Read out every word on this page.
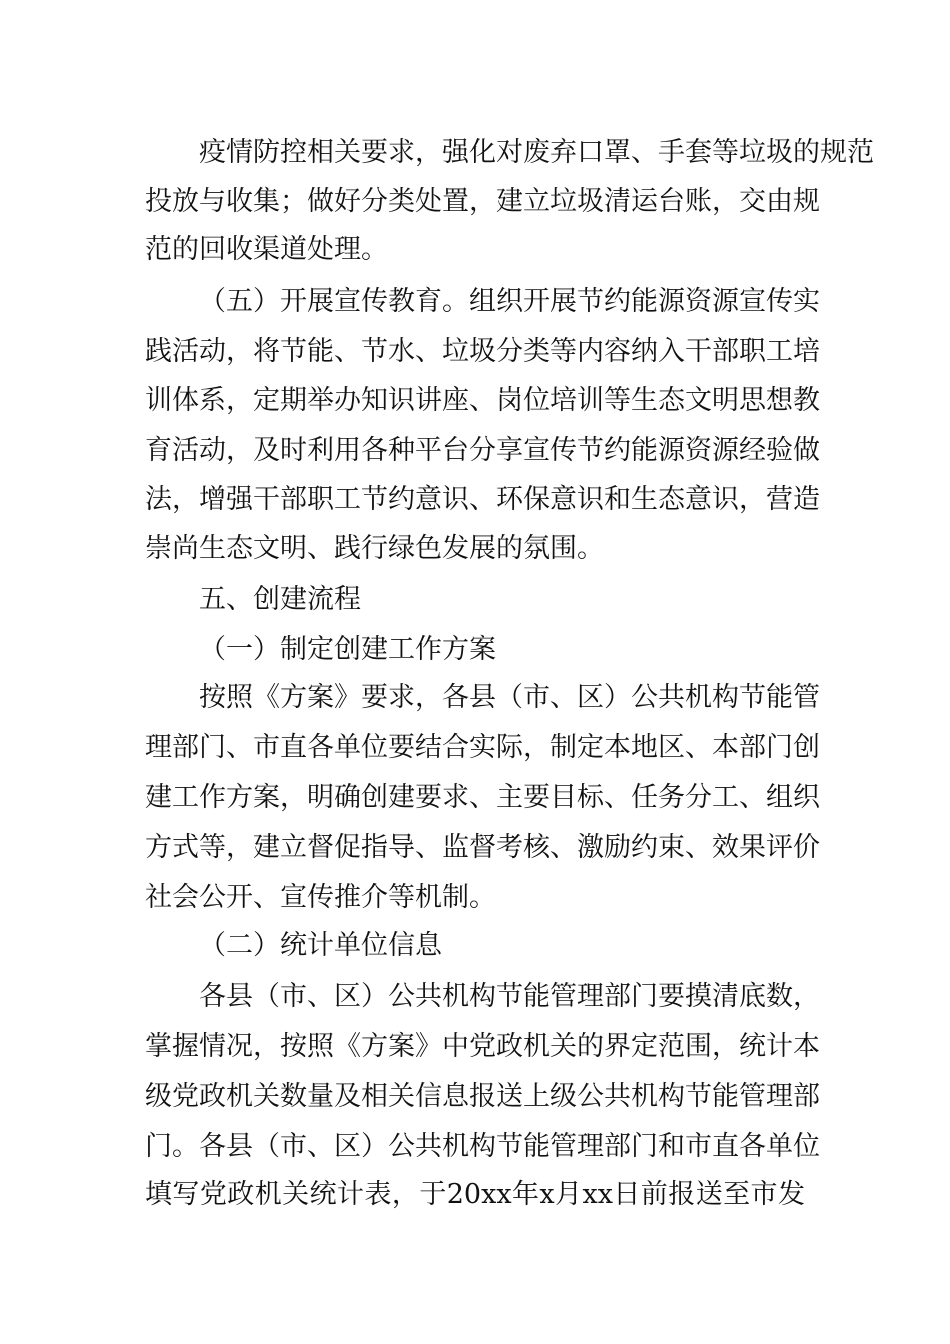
疫情防控相关要求，强化对废弃口罩、手套等垃圾的规范
投放与收集；做好分类处置，建立垃圾清运台账，交由规
范的回收渠道处理。
（五）开展宣传教育。组织开展节约能源资源宣传实
践活动，将节能、节水、垃圾分类等内容纳入干部职工培
训体系，定期举办知识讲座、岗位培训等生态文明思想教
育活动，及时利用各种平台分享宣传节约能源资源经验做
法，增强干部职工节约意识、环保意识和生态意识，营造
崇尚生态文明、践行绿色发展的氛围。
五、创建流程
（一）制定创建工作方案
按照《方案》要求，各县（市、区）公共机构节能管
理部门、市直各单位要结合实际，制定本地区、本部门创
建工作方案，明确创建要求、主要目标、任务分工、组织
方式等，建立督促指导、监督考核、激励约束、效果评价
社会公开、宣传推介等机制。
（二）统计单位信息
各县（市、区）公共机构节能管理部门要摸清底数，
掌握情况，按照《方案》中党政机关的界定范围，统计本
级党政机关数量及相关信息报送上级公共机构节能管理部
门。各县（市、区）公共机构节能管理部门和市直各单位
填写党政机关统计表，于20xx年x月xx日前报送至市发
